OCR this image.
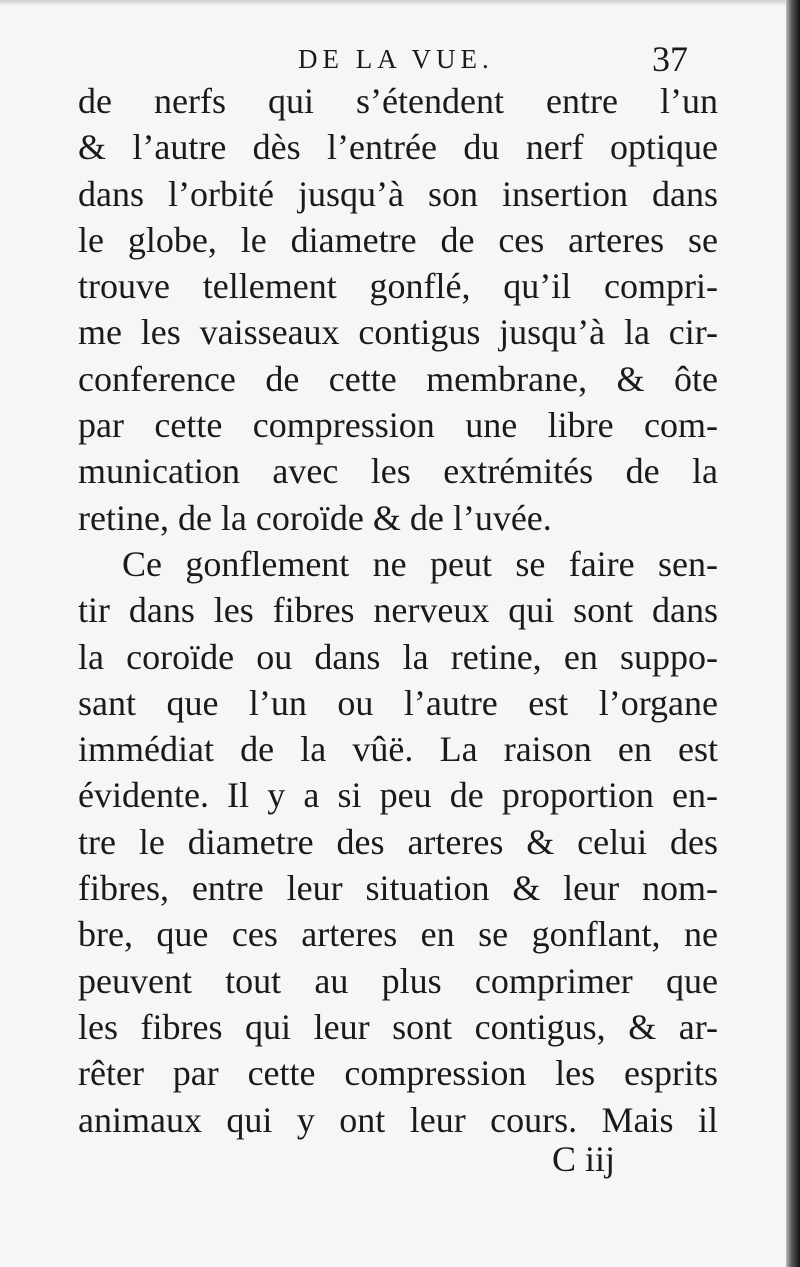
DE LA VUE.	37
de nerfs qui s’étendent entre l’un
& l’autre dès l’entrée du nerf optique
dans l’orbité jusqu’à son insertion dans
le globe, le diametre de ces arteres se
trouve tellement gonflé, qu’il compri-
me les vaisseaux contigus jusqu’à la cir-
conference de cette membrane, & ôte
par cette compression une libre com-
munication avec les extrémités de la
retine, de la coroïde & de l’uvée.
Ce gonflement ne peut se faire sen-
tir dans les fibres nerveux qui sont dans
la coroïde ou dans la retine, en suppo-
sant que l’un ou l’autre est l’organe
immédiat de la vûë. La raison en est
évidente. Il y a si peu de proportion en-
tre le diametre des arteres & celui des
fibres, entre leur situation & leur nom-
bre, que ces arteres en se gonflant, ne
peuvent tout au plus comprimer que
les fibres qui leur sont contigus, & ar-
rêter par cette compression les esprits
animaux qui y ont leur cours. Mais il
C iij
